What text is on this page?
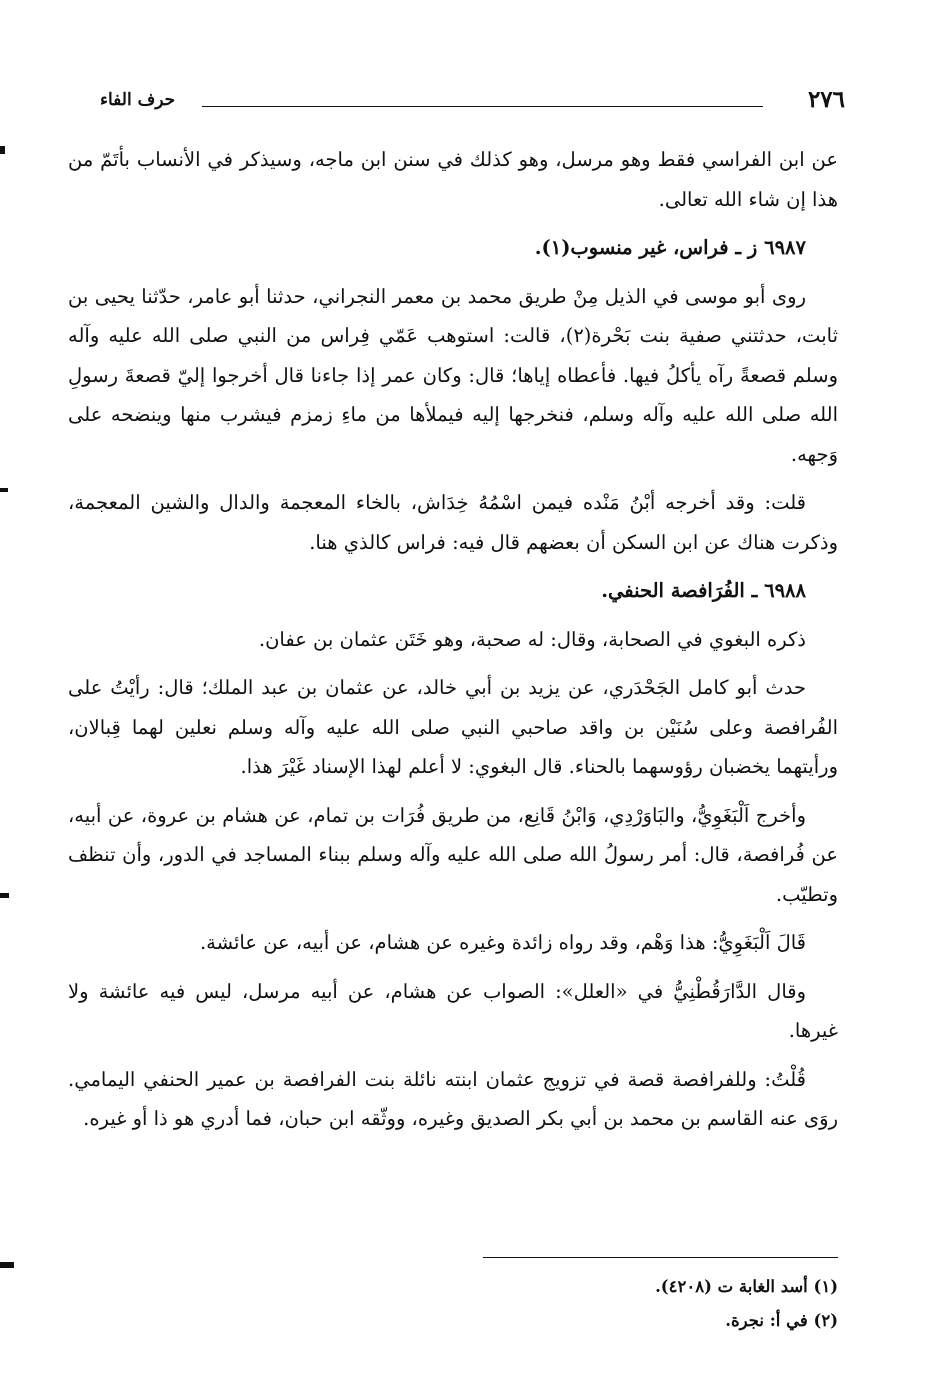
٢٧٦
حرف الفاء

عن ابن الفراسي فقط وهو مرسل، وهو كذلك في سنن ابن ماجه، وسيذكر في الأنساب بأتَمّ من هذا إن شاء الله تعالى.

٦٩٨٧ ز ـ فراس، غير منسوب(١).

روى أبو موسى في الذيل مِنْ طريق محمد بن معمر النجراني، حدثنا أبو عامر، حدّثنا يحيى بن ثابت، حدثتني صفية بنت بَحْرة(٢)، قالت: استوهب عَمّي فِراس من النبي صلى الله عليه وآله وسلم قصعةً رآه يأكلُ فيها. فأعطاه إياها؛ قال: وكان عمر إذا جاءنا قال أخرجوا إليّ قصعةَ رسولِ الله صلى الله عليه وآله وسلم، فنخرجها إليه فيملأها من ماءِ زمزم فيشرب منها وينضحه على وَجهه.

قلت: وقد أخرجه أبْنُ مَنْده فيمن اسْمُهُ خِدَاش، بالخاء المعجمة والدال والشين المعجمة، وذكرت هناك عن ابن السكن أن بعضهم قال فيه: فراس كالذي هنا.

٦٩٨٨ ـ الفُرَافصة الحنفي.

ذكره البغوي في الصحابة، وقال: له صحبة، وهو خَتَن عثمان بن عفان.

حدث أبو كامل الجَحْدَري، عن يزيد بن أبي خالد، عن عثمان بن عبد الملك؛ قال: رأيْتُ على الفُرافصة وعلى سُنَيْن بن واقد صاحبي النبي صلى الله عليه وآله وسلم نعلين لهما قِبالان، ورأيتهما يخضبان رؤوسهما بالحناء. قال البغوي: لا أعلم لهذا الإسناد غَيْرَ هذا.

وأخرج اَلْبَغَوِيُّ، والبَاوَرْدِي، وَابْنُ قَانِع، من طريق فُرَات بن تمام، عن هشام بن عروة، عن أبيه، عن فُرافصة، قال: أمر رسولُ الله صلى الله عليه وآله وسلم ببناء المساجد في الدور، وأن تنظف وتطيّب.

قَالَ اَلْبَغَوِيُّ: هذا وَهْم، وقد رواه زائدة وغيره عن هشام، عن أبيه، عن عائشة.

وقال الدَّارَقُطْنِيُّ في «العلل»: الصواب عن هشام، عن أبيه مرسل، ليس فيه عائشة ولا غيرها.

قُلْتُ: وللفرافصة قصة في تزويج عثمان ابنته نائلة بنت الفرافصة بن عمير الحنفي اليمامي. روَى عنه القاسم بن محمد بن أبي بكر الصديق وغيره، ووثّقه ابن حبان، فما أدري هو ذا أو غيره.

(١) أسد الغابة ت (٤٢٠٨).
(٢) في أ: نجرة.
